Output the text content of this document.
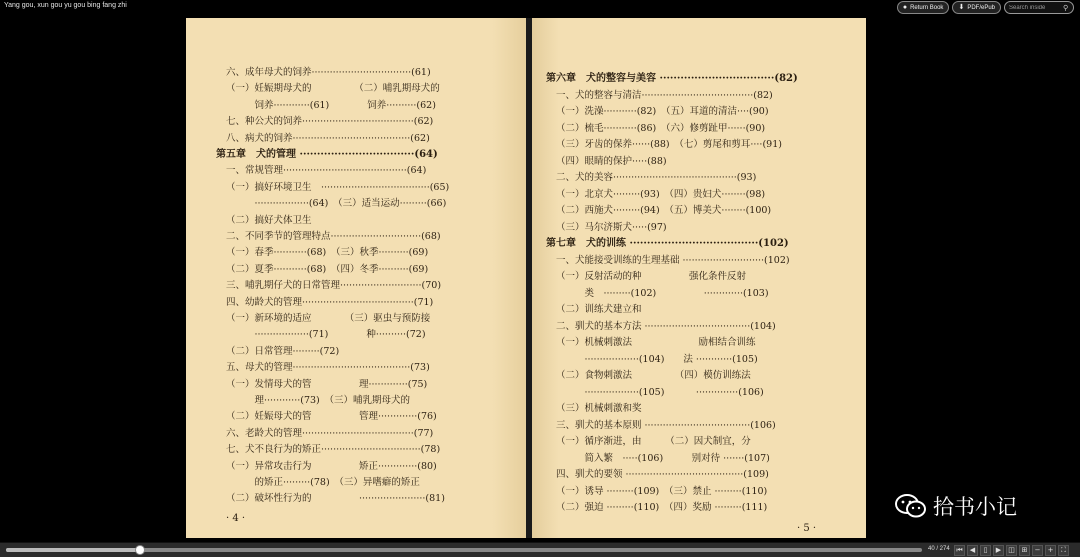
Yang gou, xun gou yu gou bing fang zhi	● Return Book ⬇ PDF/ePub
Search inside	⚲
六、成年母犬的饲养·································(61)
（一）妊娠期母犬的　　　　　（二）哺乳期母犬的
　　　饲养············(61)　　　　饲养··········(62)
七、种公犬的饲养·····································(62)
八、病犬的饲养·······································(62)
第五章　犬的管理 ·································(64)
一、常规管理·········································(64)
（一）搞好环境卫生　····································(65)
　　　··················(64)　（三）适当运动·········(66)
（二）搞好犬体卫生
二、不同季节的管理特点······························(68)
（一）春季···········(68)　（三）秋季··········(69)
（二）夏季···········(68)　（四）冬季··········(69)
三、哺乳期仔犬的日常管理···························(70)
四、幼龄犬的管理·····································(71)
（一）新环境的适应　　　　（三）驱虫与预防接
　　　··················(71)　　　　种··········(72)
（二）日常管理·········(72)
五、母犬的管理·······································(73)
（一）发情母犬的管　　　　　理·············(75)
　　　理············(73)　（三）哺乳期母犬的
（二）妊娠母犬的管　　　　　管理·············(76)
六、老龄犬的管理·····································(77)
七、犬不良行为的矫正·································(78)
（一）异常攻击行为　　　　　矫正·············(80)
　　　的矫正·········(78)　（三）异嗜癖的矫正
（二）破坏性行为的　　　　　······················(81)
· 4 ·
第六章　犬的整容与美容 ·································(82)
一、犬的整容与清洁·····································(82)
（一）洗澡···········(82)　（五）耳道的清洁····(90)
（二）梳毛···········(86)　（六）修剪趾甲······(90)
（三）牙齿的保养······(88)　（七）剪尾和剪耳····(91)
（四）眼睛的保护·····(88)
二、犬的美容·········································(93)
（一）北京犬·········(93)　（四）贵妇犬········(98)
（二）西施犬·········(94)　（五）博美犬········(100)
（三）马尔济斯犬·····(97)
第七章　犬的训练 ·····································(102)
一、犬能接受训练的生理基础 ···························(102)
（一）反射活动的种　　　　　强化条件反射
　　　类　·········(102)　　　　　·············(103)
（二）训练犬建立和
二、驯犬的基本方法 ···································(104)
（一）机械刺激法　　　　　　　励相结合训练
　　　··················(104)　　法 ············(105)
（二）食物刺激法　　　　　（四）模仿训练法
　　　··················(105)　　　 ··············(106)
（三）机械刺激和奖
三、驯犬的基本原则 ···································(106)
（一）循序渐进，由　　　（二）因犬制宜，分
　　　简入繁　·····(106)　　　别对待 ·······(107)
四、驯犬的要领 ·······································(109)
（一）诱导 ·········(109)　（三）禁止 ·········(110)
（二）强迫 ·········(110)　（四）奖励 ·········(111)
· 5 ·
拾书小记
40 / 274 ⏮	◀	▯	▶	◫ ⊞	−	+	⛶
